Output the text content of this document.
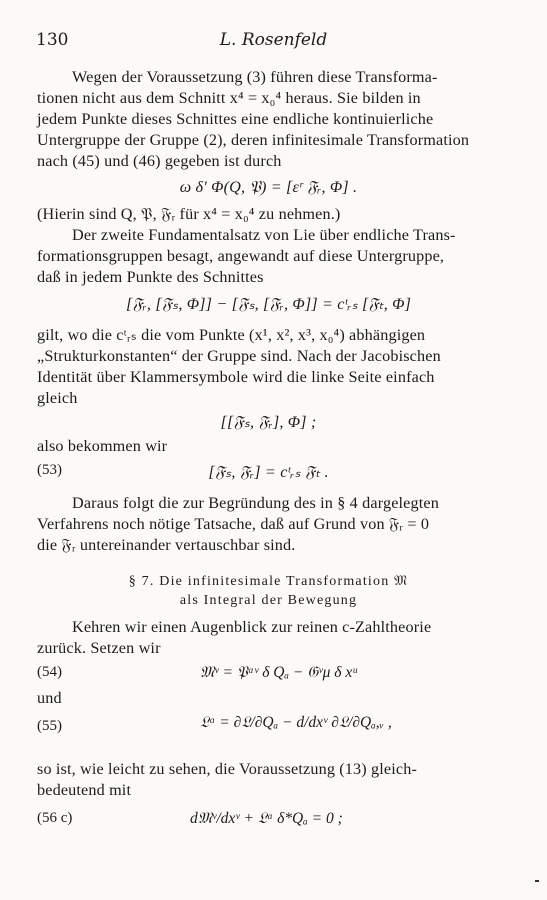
130	L. Rosenfeld
Wegen der Voraussetzung (3) führen diese Transforma-
tionen nicht aus dem Schnitt x⁴ = x₀⁴ heraus. Sie bilden in
jedem Punkte dieses Schnittes eine endliche kontinuierliche
Untergruppe der Gruppe (2), deren infinitesimale Transformation
nach (45) und (46) gegeben ist durch
ω δ′ Φ(Q, 𝔓) = [εʳ 𝔉ᵣ, Φ] .
(Hierin sind Q, 𝔓, 𝔉ᵣ für x⁴ = x₀⁴ zu nehmen.)
Der zweite Fundamentalsatz von Lie über endliche Trans-
formationsgruppen besagt, angewandt auf diese Untergruppe,
daß in jedem Punkte des Schnittes
[𝔉ᵣ, [𝔉ₛ, Φ]] − [𝔉ₛ, [𝔉ᵣ, Φ]] = cᵗᵣₛ [𝔉ₜ, Φ]
gilt, wo die cᵗᵣₛ die vom Punkte (x¹, x², x³, x₀⁴) abhängigen
„Strukturkonstanten“ der Gruppe sind. Nach der Jacobischen
Identität über Klammersymbole wird die linke Seite einfach
gleich
[[𝔉ₛ, 𝔉ᵣ], Φ] ;
also bekommen wir
(53)	[𝔉ₛ, 𝔉ᵣ] = cᵗᵣₛ 𝔉ₜ .
Daraus folgt die zur Begründung des in § 4 dargelegten
Verfahrens noch nötige Tatsache, daß auf Grund von 𝔉ᵣ = 0
die 𝔉ᵣ untereinander vertauschbar sind.
§ 7. Die infinitesimale Transformation 𝔐
als Integral der Bewegung
Kehren wir einen Augenblick zur reinen c-Zahltheorie
zurück. Setzen wir
(54)	𝔐ᵛ = 𝔓ᵅᵛ δ Qₐ − 𝔊ᵛμ δ xᵘ
und
(55)	𝔏ᵅ = ∂𝔏/∂Qₐ − d/dxᵛ ∂𝔏/∂Qₐ,ᵥ ,
so ist, wie leicht zu sehen, die Voraussetzung (13) gleich-
bedeutend mit
(56 c)	d𝔐ᵛ/dxᵛ + 𝔏ᵅ δ*Qₐ = 0 ;
